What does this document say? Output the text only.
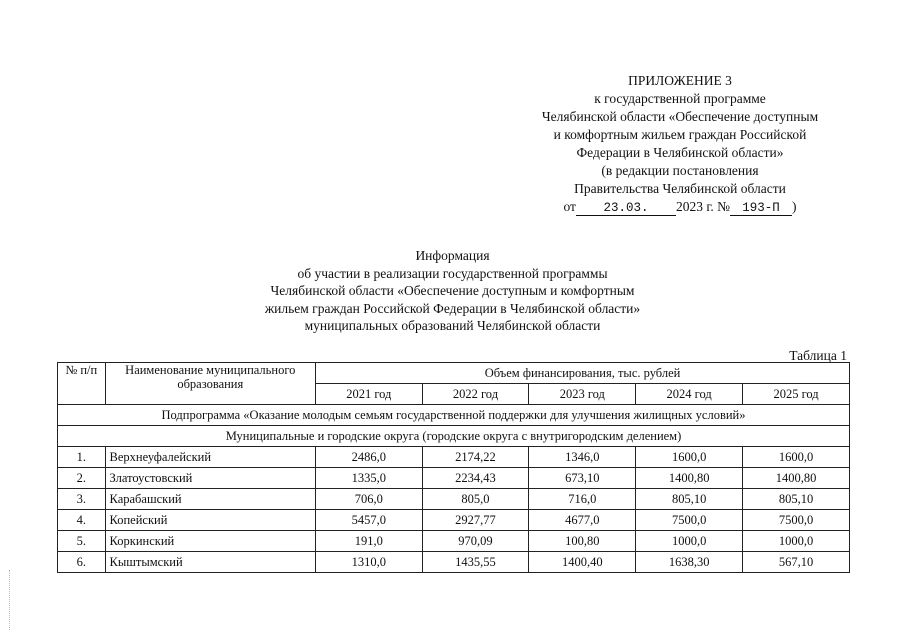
ПРИЛОЖЕНИЕ 3
к государственной программе
Челябинской области «Обеспечение доступным
и комфортным жильем граждан Российской
Федерации в Челябинской области»
(в редакции постановления
Правительства Челябинской области
от 23.03. 2023 г. № 193-П )
Информация
об участии в реализации государственной программы
Челябинской области «Обеспечение доступным и комфортным
жильем граждан Российской Федерации в Челябинской области»
муниципальных образований Челябинской области
Таблица 1
№ п/п	Наименование муниципального образования	Объем финансирования, тыс. рублей				
		2021 год	2022 год	2023 год	2024 год	2025 год
Подпрограмма «Оказание молодым семьям государственной поддержки для улучшения жилищных условий»						
Муниципальные и городские округа (городские округа с внутригородским делением)						
1.	Верхнеуфалейский	2486,0	2174,22	1346,0	1600,0	1600,0
2.	Златоустовский	1335,0	2234,43	673,10	1400,80	1400,80
3.	Карабашский	706,0	805,0	716,0	805,10	805,10
4.	Копейский	5457,0	2927,77	4677,0	7500,0	7500,0
5.	Коркинский	191,0	970,09	100,80	1000,0	1000,0
6.	Кыштымский	1310,0	1435,55	1400,40	1638,30	567,10
